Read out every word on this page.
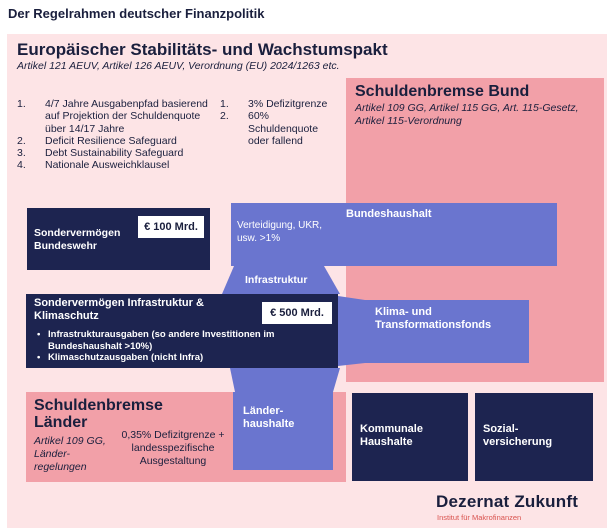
Der Regelrahmen deutscher Finanzpolitik
Europäischer Stabilitäts- und Wachstumspakt
Artikel 121 AEUV, Artikel 126 AEUV, Verordnung (EU) 2024/1263 etc.
1. 4/7 Jahre Ausgabenpfad basierend auf Projektion der Schuldenquote über 14/17 Jahre
2. Deficit Resilience Safeguard
3. Debt Sustainability Safeguard
4. Nationale Ausweichklausel
1. 3% Defizitgrenze
2. 60% Schuldenquote oder fallend
Schuldenbremse Bund
Artikel 109 GG, Artikel 115 GG, Art. 115-Gesetz, Artikel 115-Verordnung
Sondervermögen Bundeswehr
€ 100 Mrd.
Bundeshaushalt
Verteidigung, UKR, usw. >1%
Infrastruktur
Sondervermögen Infrastruktur & Klimaschutz	€ 500 Mrd.
• Infrastrukturausgaben (so andere Investitionen im Bundeshaushalt >10%)
• Klimaschutzausgaben (nicht Infra)
Klima- und Transformationsfonds
Schuldenbremse Länder
Artikel 109 GG, Länder-regelungen
0,35% Defizitgrenze + landesspezifische Ausgestaltung
Länder-haushalte	Kommunale Haushalte
Sozial-versicherung
Dezernat Zukunft
Institut für Makrofinanzen
